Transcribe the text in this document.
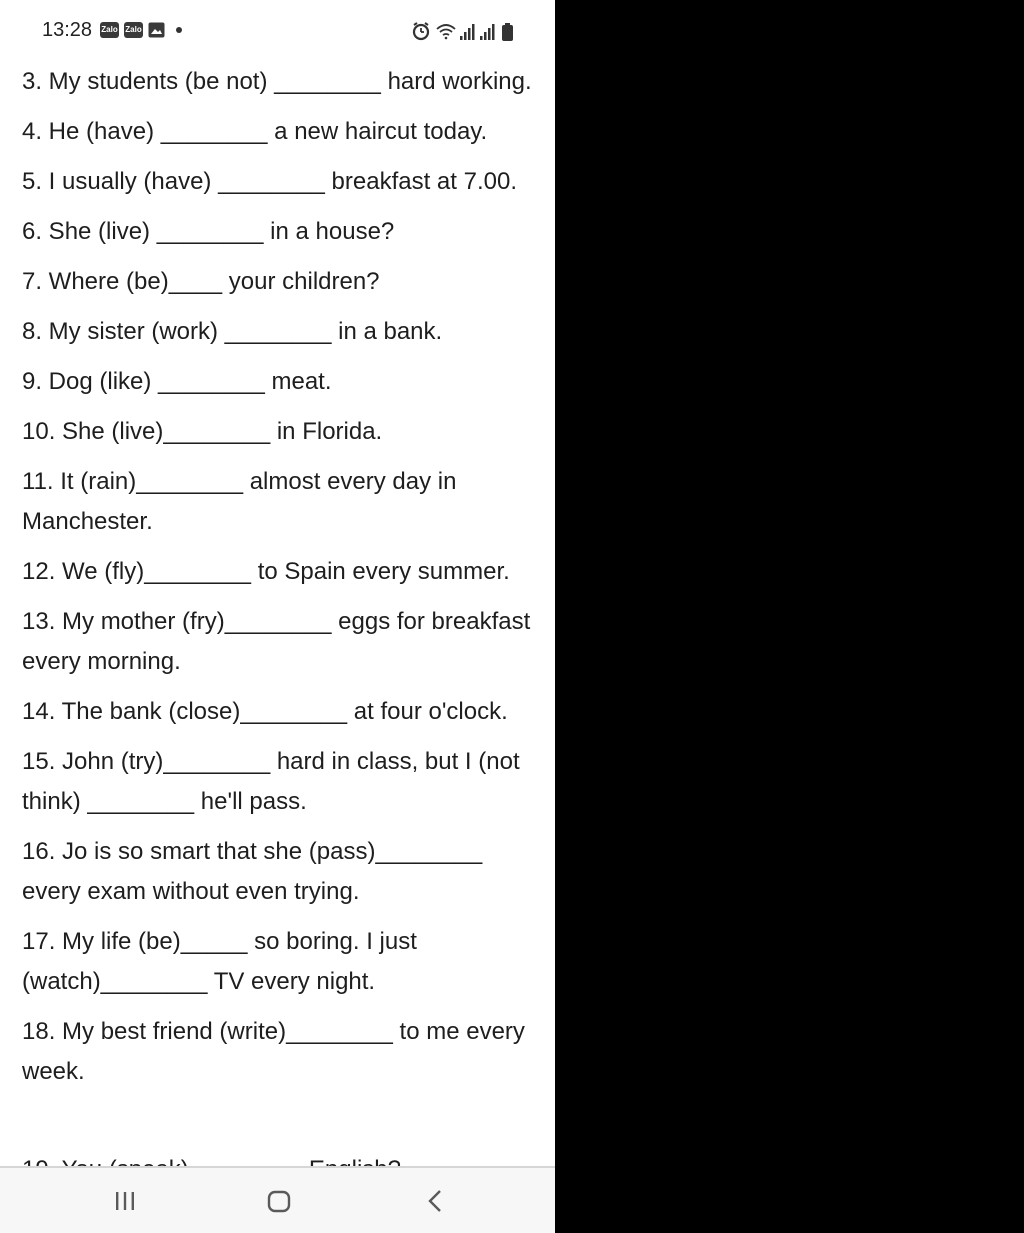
13:28 Zalo Zalo

3. My students (be not) ________ hard working.

4. He (have) ________ a new haircut today.

5. I usually (have) ________ breakfast at 7.00.

6. She (live) ________ in a house?

7. Where (be)____ your children?

8. My sister (work) ________ in a bank.

9. Dog (like) ________ meat.

10. She (live)________ in Florida.

11. It (rain)________ almost every day in Manchester.

12. We (fly)________ to Spain every summer.

13. My mother (fry)________ eggs for breakfast every morning.

14. The bank (close)________ at four o'clock.

15. John (try)________ hard in class, but I (not think) ________ he'll pass.

16. Jo is so smart that she (pass)________ every exam without even trying.

17. My life (be)_____ so boring. I just (watch)________ TV every night.

18. My best friend (write)________ to me every week.
